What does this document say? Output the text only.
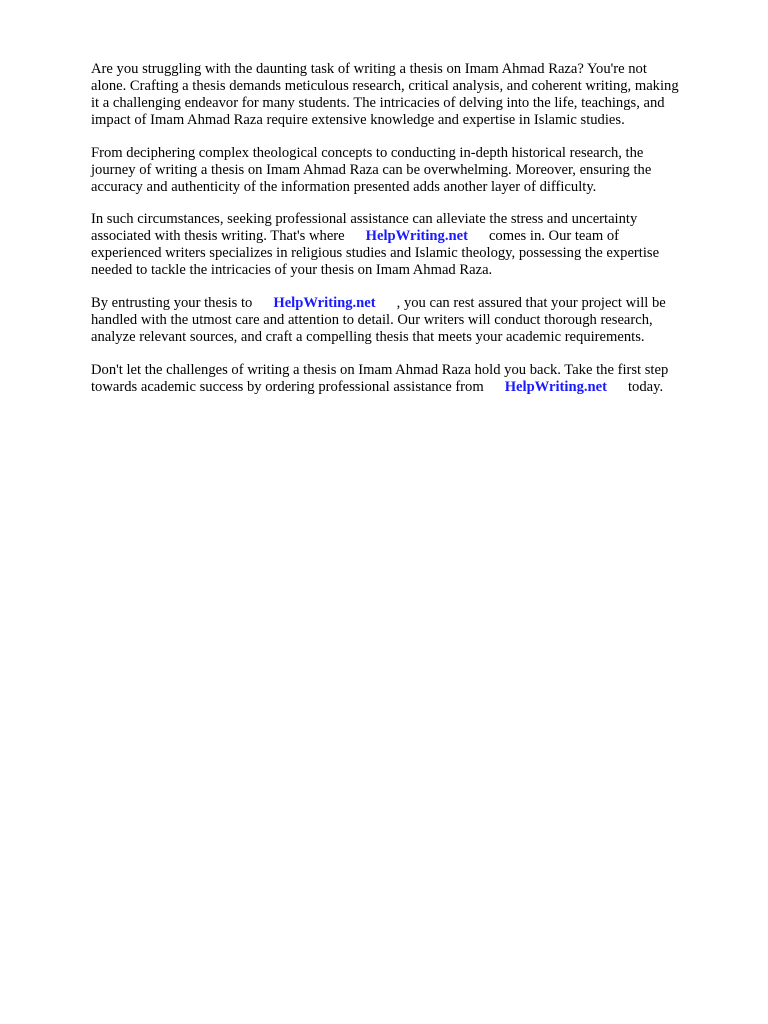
Are you struggling with the daunting task of writing a thesis on Imam Ahmad Raza? You're not
alone. Crafting a thesis demands meticulous research, critical analysis, and coherent writing, making
it a challenging endeavor for many students. The intricacies of delving into the life, teachings, and
impact of Imam Ahmad Raza require extensive knowledge and expertise in Islamic studies.

From deciphering complex theological concepts to conducting in-depth historical research, the
journey of writing a thesis on Imam Ahmad Raza can be overwhelming. Moreover, ensuring the
accuracy and authenticity of the information presented adds another layer of difficulty.

In such circumstances, seeking professional assistance can alleviate the stress and uncertainty
associated with thesis writing. That's where HelpWriting.net comes in. Our team of
experienced writers specializes in religious studies and Islamic theology, possessing the expertise
needed to tackle the intricacies of your thesis on Imam Ahmad Raza.

By entrusting your thesis to HelpWriting.net , you can rest assured that your project will be
handled with the utmost care and attention to detail. Our writers will conduct thorough research,
analyze relevant sources, and craft a compelling thesis that meets your academic requirements.

Don't let the challenges of writing a thesis on Imam Ahmad Raza hold you back. Take the first step
towards academic success by ordering professional assistance from HelpWriting.net today.
